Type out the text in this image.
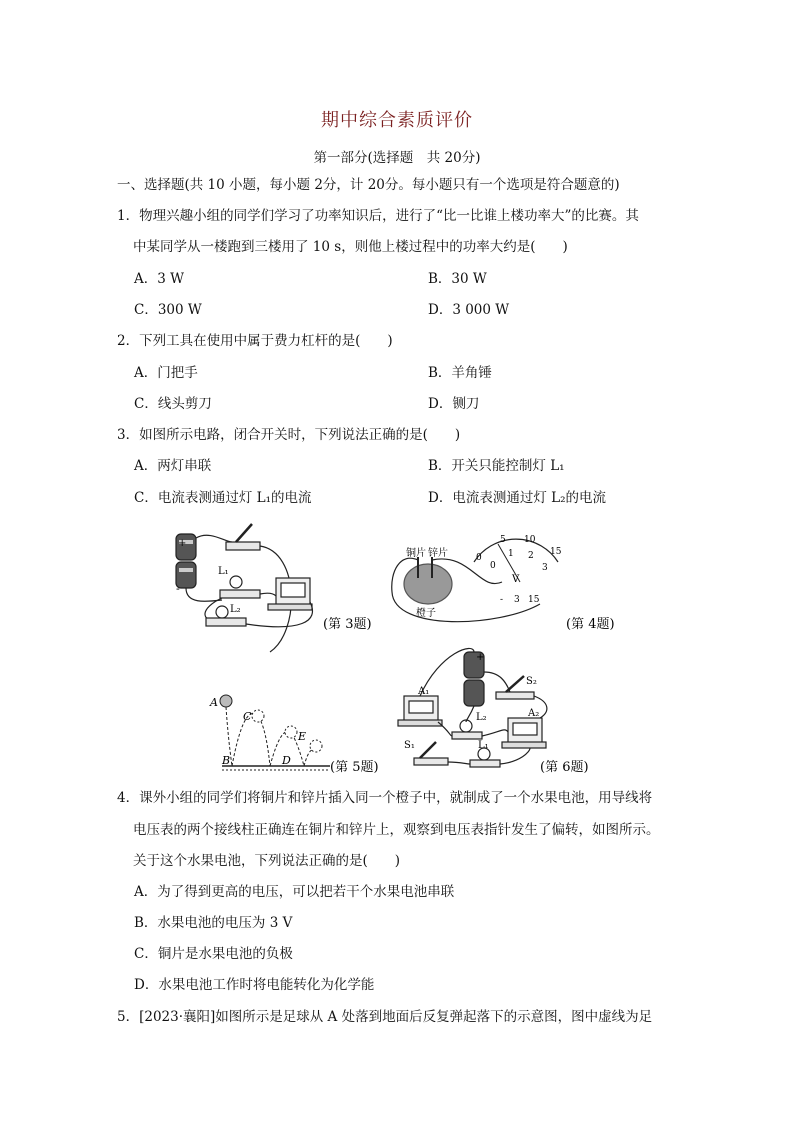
期中综合素质评价
第一部分(选择题　共 20分)
一、选择题(共 10 小题，每小题 2分，计 20分。每小题只有一个选项是符合题意的)
1．物理兴趣小组的同学们学习了功率知识后，进行了“比一比谁上楼功率大”的比赛。其
中某同学从一楼跑到三楼用了 10 s，则他上楼过程中的功率大约是(　　)
A．3 W	B．30 W
C．300 W	D．3 000 W
2．下列工具在使用中属于费力杠杆的是(　　)
A．门把手	B．羊角锤
C．线头剪刀	D．铡刀
3．如图所示电路，闭合开关时，下列说法正确的是(　　)
A．两灯串联	B．开关只能控制灯 L₁
C．电流表测通过灯 L₁的电流	D．电流表测通过灯 L₂的电流
+
-
L₁
L₂
(第 3题)
铜片 锌片
橙子
0
5 10
15
0
1 2
3
V
- 3 15
(第 4题)
A
B
C
D
E
(第 5题)
+
A₁
A₂
L₂
L₁
S₁
S₂
(第 6题)
4．课外小组的同学们将铜片和锌片插入同一个橙子中，就制成了一个水果电池，用导线将
电压表的两个接线柱正确连在铜片和锌片上，观察到电压表指针发生了偏转，如图所示。
关于这个水果电池，下列说法正确的是(　　)
A．为了得到更高的电压，可以把若干个水果电池串联
B．水果电池的电压为 3 V
C．铜片是水果电池的负极
D．水果电池工作时将电能转化为化学能
5．[2023·襄阳]如图所示是足球从 A 处落到地面后反复弹起落下的示意图，图中虚线为足
